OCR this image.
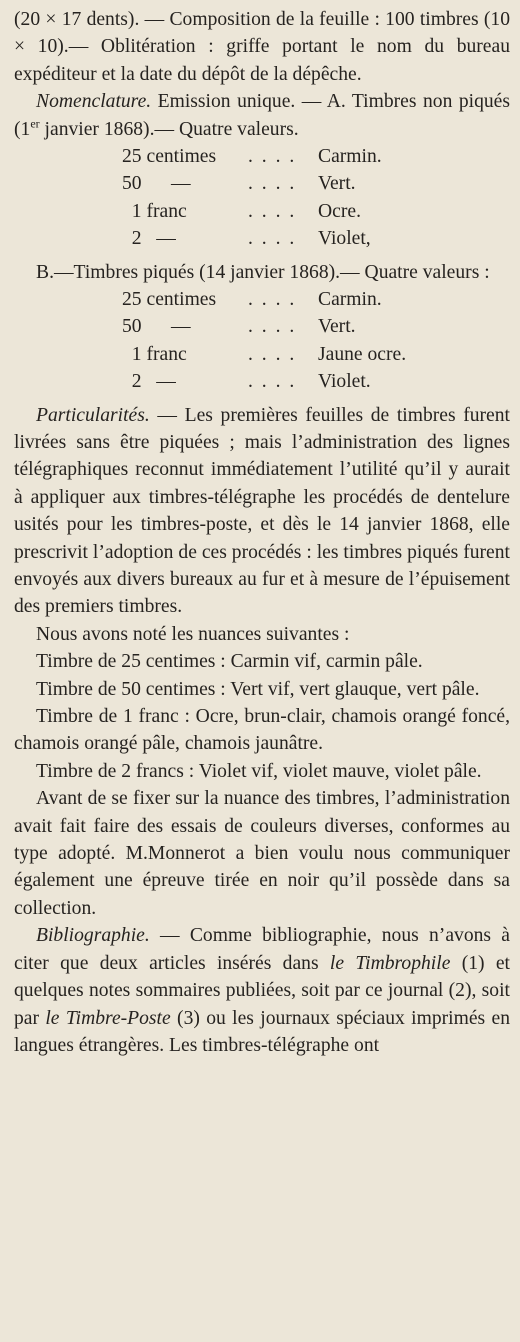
(20 × 17 dents). — Composition de la feuille : 100 timbres (10 × 10).— Oblitération : griffe portant le nom du bureau expéditeur et la date du dépôt de la dépêche.

Nomenclature. Emission unique. — A. Timbres non piqués (1er janvier 1868).— Quatre valeurs.

25 centimes	. . . .	Carmin.
50      —	. . . .	Vert.
1 franc	. . . .	Ocre.
2   —	. . . .	Violet,

B.—Timbres piqués (14 janvier 1868).— Quatre valeurs :

25 centimes	. . . .	Carmin.
50      —	. . . .	Vert.
1 franc	. . . .	Jaune ocre.
2   —	. . . .	Violet.

Particularités. — Les premières feuilles de timbres furent livrées sans être piquées ; mais l’administration des lignes télégraphiques reconnut immédiatement l’utilité qu’il y aurait à appliquer aux timbres-télégraphe les procédés de dentelure usités pour les timbres-poste, et dès le 14 janvier 1868, elle prescrivit l’adoption de ces procédés : les timbres piqués furent envoyés aux divers bureaux au fur et à mesure de l’épuisement des premiers timbres.

Nous avons noté les nuances suivantes :

Timbre de 25 centimes : Carmin vif, carmin pâle.

Timbre de 50 centimes : Vert vif, vert glauque, vert pâle.

Timbre de 1 franc : Ocre, brun-clair, chamois orangé foncé, chamois orangé pâle, chamois jaunâtre.

Timbre de 2 francs : Violet vif, violet mauve, violet pâle.

Avant de se fixer sur la nuance des timbres, l’administration avait fait faire des essais de couleurs diverses, conformes au type adopté. M.Monnerot a bien voulu nous communiquer également une épreuve tirée en noir qu’il possède dans sa collection.

Bibliographie. — Comme bibliographie, nous n’avons à citer que deux articles insérés dans le Timbrophile (1) et quelques notes sommaires publiées, soit par ce journal (2), soit par le Timbre-Poste (3) ou les journaux spéciaux imprimés en langues étrangères. Les timbres-télégraphe ont
